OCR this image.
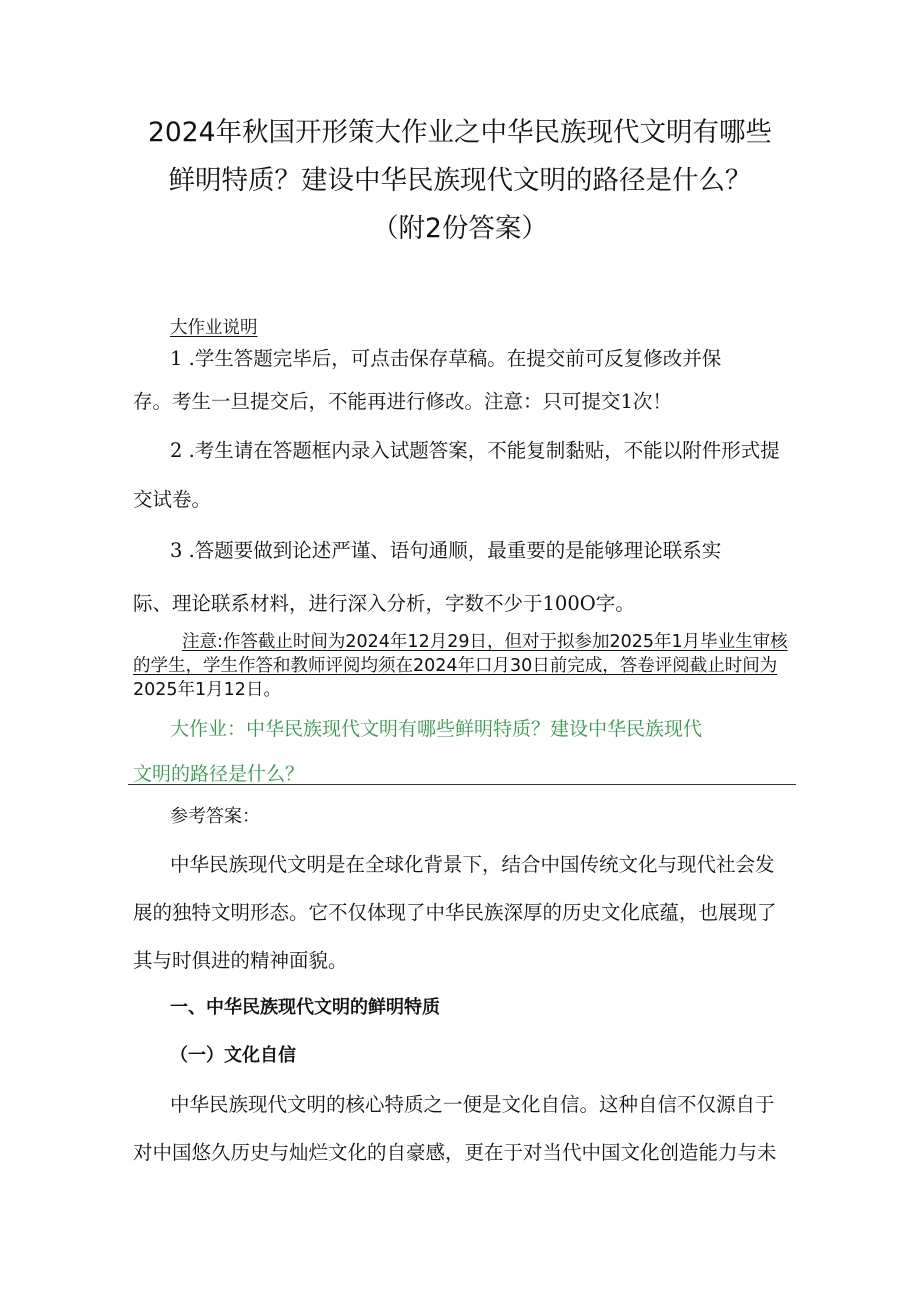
2024年秋国开形策大作业之中华民族现代文明有哪些

鲜明特质？建设中华民族现代文明的路径是什么？

（附2份答案）

大作业说明

1 .学生答题完毕后，可点击保存草稿。在提交前可反复修改并保

存。考生一旦提交后，不能再进行修改。注意：只可提交1次！

2 .考生请在答题框内录入试题答案，不能复制黏贴，不能以附件形式提

交试卷。

3 .答题要做到论述严谨、语句通顺，最重要的是能够理论联系实

际、理论联系材料，进行深入分析，字数不少于100O字。

注意:作答截止时间为2024年12月29日，但对于拟参加2025年1月毕业生审核

的学生，学生作答和教师评阅均须在2024年口月30日前完成，答卷评阅截止时间为

2025年1月12日。

大作业：中华民族现代文明有哪些鲜明特质？建设中华民族现代

文明的路径是什么？

参考答案：

中华民族现代文明是在全球化背景下，结合中国传统文化与现代社会发

展的独特文明形态。它不仅体现了中华民族深厚的历史文化底蕴，也展现了

其与时俱进的精神面貌。

一、中华民族现代文明的鲜明特质

（一）文化自信

中华民族现代文明的核心特质之一便是文化自信。这种自信不仅源自于

对中国悠久历史与灿烂文化的自豪感，更在于对当代中国文化创造能力与未
